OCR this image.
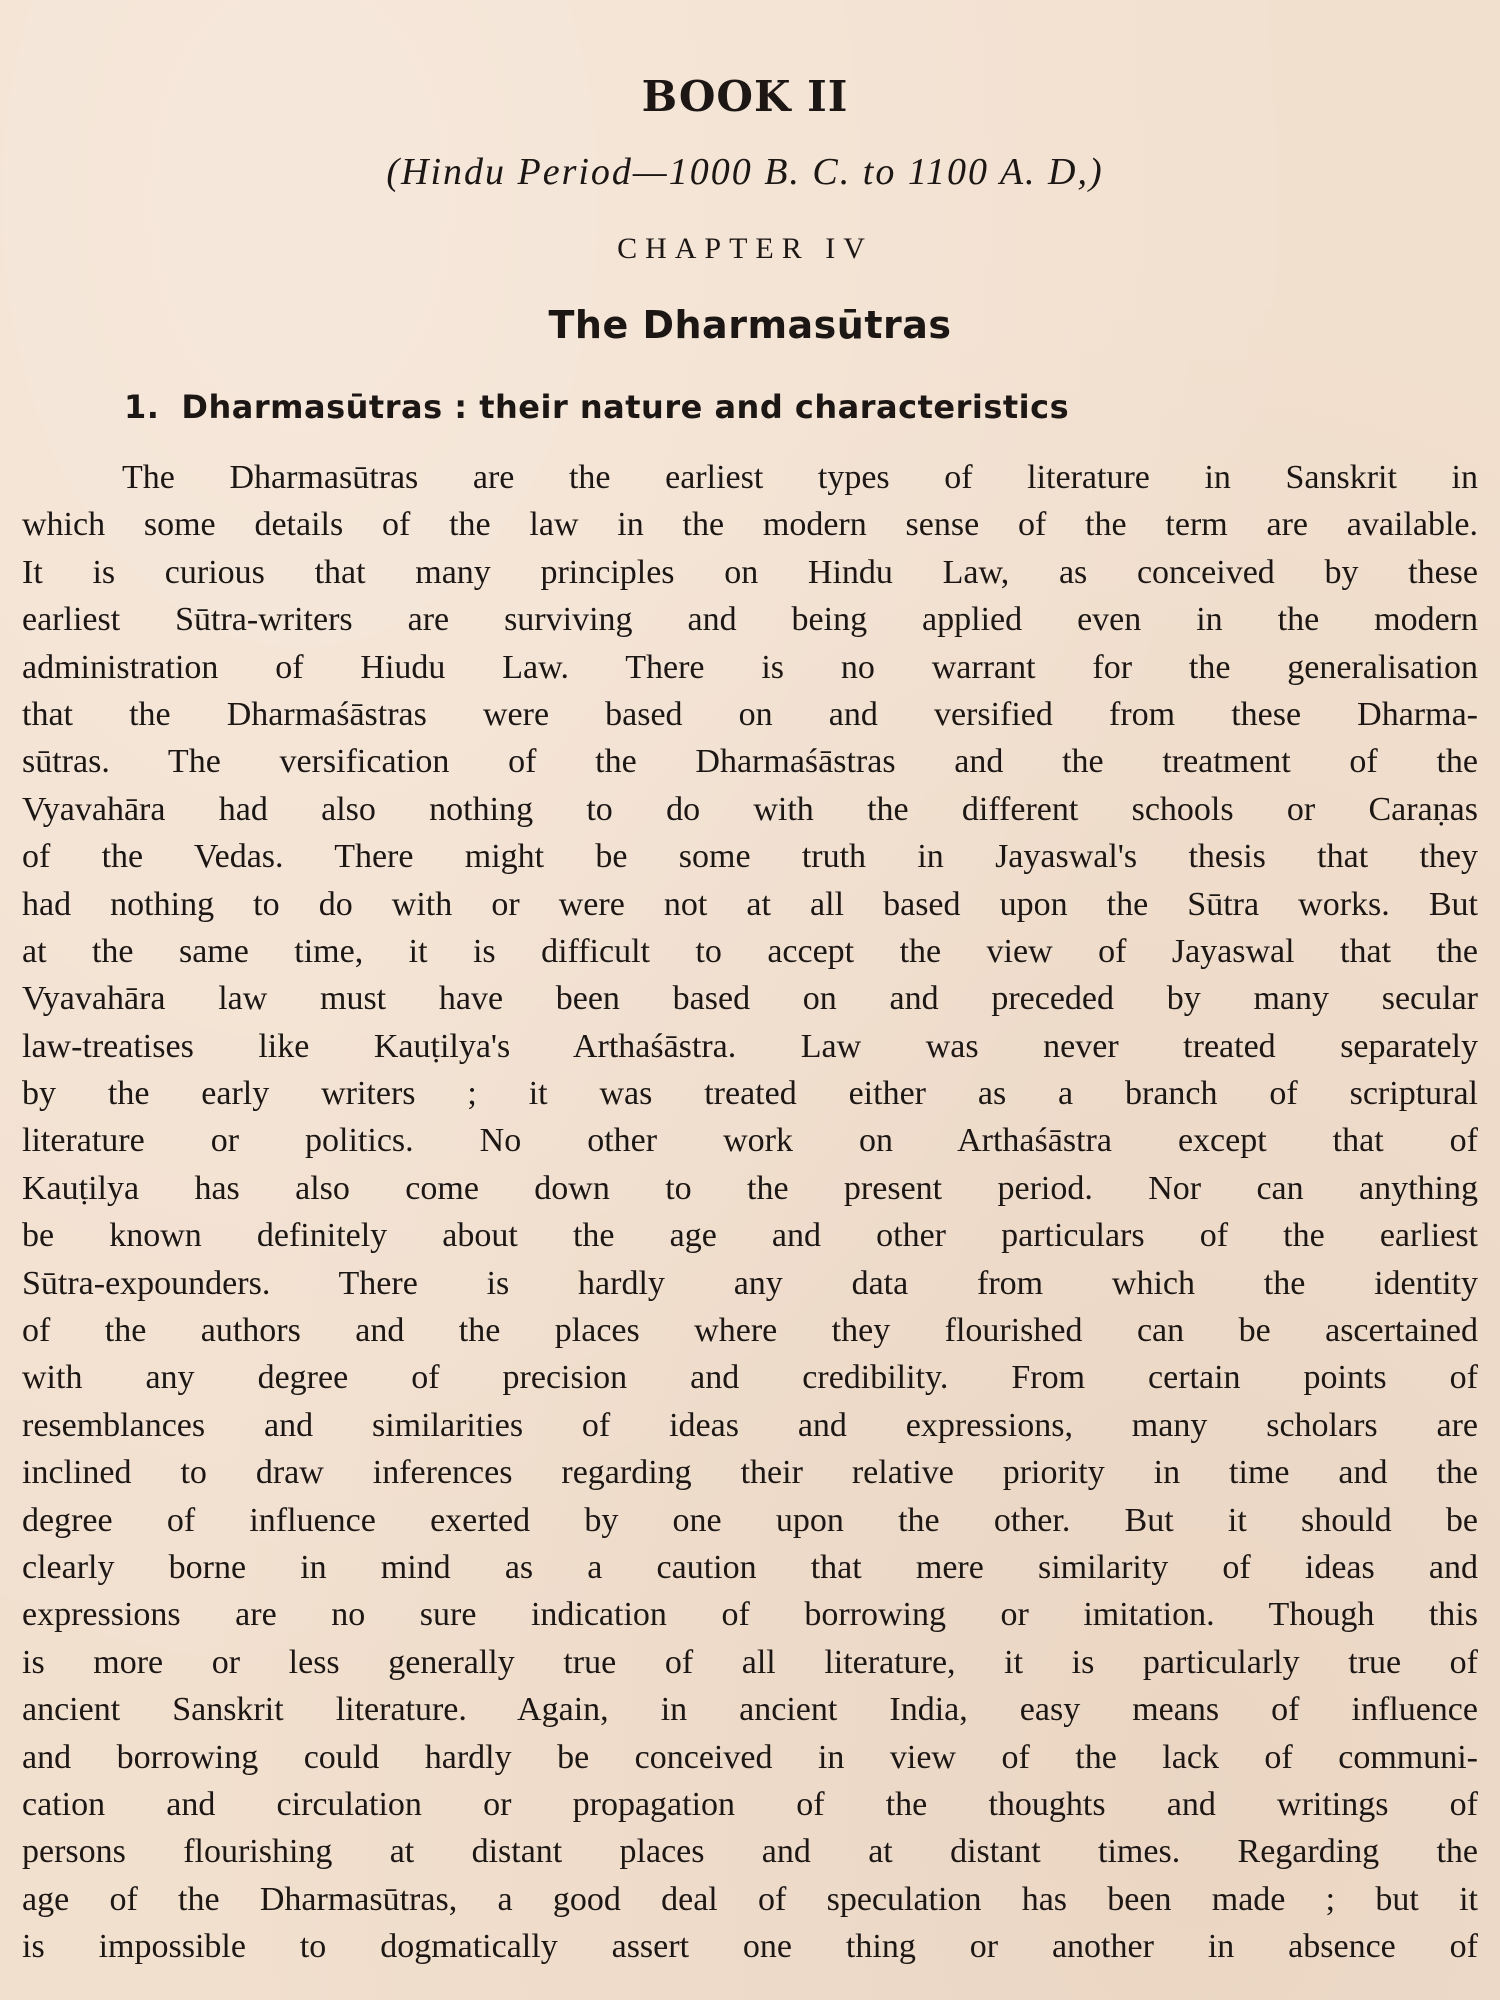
BOOK II
(Hindu Period—1000 B. C. to 1100 A. D,)
CHAPTER IV
The Dharmasūtras
1. Dharmasūtras : their nature and characteristics
The Dharmasūtras are the earliest types of literature in Sanskrit in
which some details of the law in the modern sense of the term are available.
It is curious that many principles on Hindu Law, as conceived by these
earliest Sūtra-writers are surviving and being applied even in the modern
administration of Hiudu Law. There is no warrant for the generalisation
that the Dharmaśāstras were based on and versified from these Dharma-
sūtras. The versification of the Dharmaśāstras and the treatment of the
Vyavahāra had also nothing to do with the different schools or Caraṇas
of the Vedas. There might be some truth in Jayaswal's thesis that they
had nothing to do with or were not at all based upon the Sūtra works. But
at the same time, it is difficult to accept the view of Jayaswal that the
Vyavahāra law must have been based on and preceded by many secular
law-treatises like Kauṭilya's Arthaśāstra. Law was never treated separately
by the early writers ; it was treated either as a branch of scriptural
literature or politics. No other work on Arthaśāstra except that of
Kauṭilya has also come down to the present period. Nor can anything
be known definitely about the age and other particulars of the earliest
Sūtra-expounders. There is hardly any data from which the identity
of the authors and the places where they flourished can be ascertained
with any degree of precision and credibility. From certain points of
resemblances and similarities of ideas and expressions, many scholars are
inclined to draw inferences regarding their relative priority in time and the
degree of influence exerted by one upon the other. But it should be
clearly borne in mind as a caution that mere similarity of ideas and
expressions are no sure indication of borrowing or imitation. Though this
is more or less generally true of all literature, it is particularly true of
ancient Sanskrit literature. Again, in ancient India, easy means of influence
and borrowing could hardly be conceived in view of the lack of communi-
cation and circulation or propagation of the thoughts and writings of
persons flourishing at distant places and at distant times. Regarding the
age of the Dharmasūtras, a good deal of speculation has been made ; but it
is impossible to dogmatically assert one thing or another in absence of
